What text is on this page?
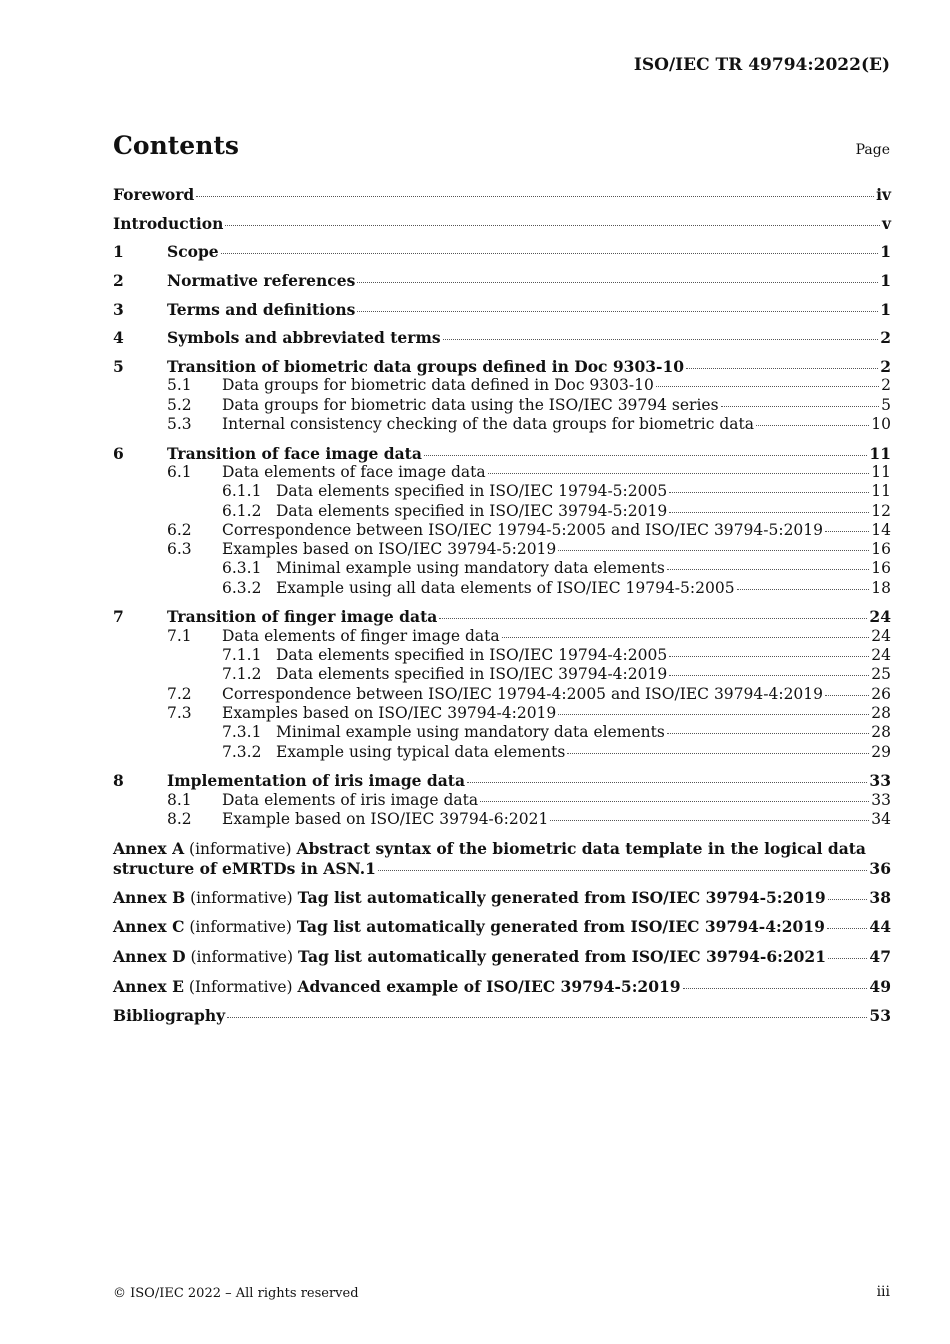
ISO/IEC TR 49794:2022(E)
Contents	Page
Foreword	iv
Introduction	v
1	Scope	1
2	Normative references	1
3	Terms and definitions	1
4	Symbols and abbreviated terms	2
5	Transition of biometric data groups defined in Doc 9303-10	2
5.1	Data groups for biometric data defined in Doc 9303-10	2
5.2	Data groups for biometric data using the ISO/IEC 39794 series	5
5.3	Internal consistency checking of the data groups for biometric data	10
6	Transition of face image data	11
6.1	Data elements of face image data	11
6.1.1 Data elements specified in ISO/IEC 19794-5:2005	11
6.1.2 Data elements specified in ISO/IEC 39794-5:2019	12
6.2	Correspondence between ISO/IEC 19794-5:2005 and ISO/IEC 39794-5:2019	14
6.3	Examples based on ISO/IEC 39794-5:2019	16
6.3.1 Minimal example using mandatory data elements	16
6.3.2 Example using all data elements of ISO/IEC 19794-5:2005	18
7	Transition of finger image data	24
7.1	Data elements of finger image data	24
7.1.1 Data elements specified in ISO/IEC 19794-4:2005	24
7.1.2 Data elements specified in ISO/IEC 39794-4:2019	25
7.2	Correspondence between ISO/IEC 19794-4:2005 and ISO/IEC 39794-4:2019	26
7.3	Examples based on ISO/IEC 39794-4:2019	28
7.3.1 Minimal example using mandatory data elements	28
7.3.2 Example using typical data elements	29
8	Implementation of iris image data	33
8.1	Data elements of iris image data	33
8.2	Example based on ISO/IEC 39794-6:2021	34
Annex A (informative) Abstract syntax of the biometric data template in the logical data
structure of eMRTDs in ASN.1	36
Annex B (informative) Tag list automatically generated from ISO/IEC 39794-5:2019	38
Annex C (informative) Tag list automatically generated from ISO/IEC 39794-4:2019	44
Annex D (informative) Tag list automatically generated from ISO/IEC 39794-6:2021	47
Annex E (Informative) Advanced example of ISO/IEC 39794-5:2019	49
Bibliography	53
© ISO/IEC 2022 – All rights reserved	iii
